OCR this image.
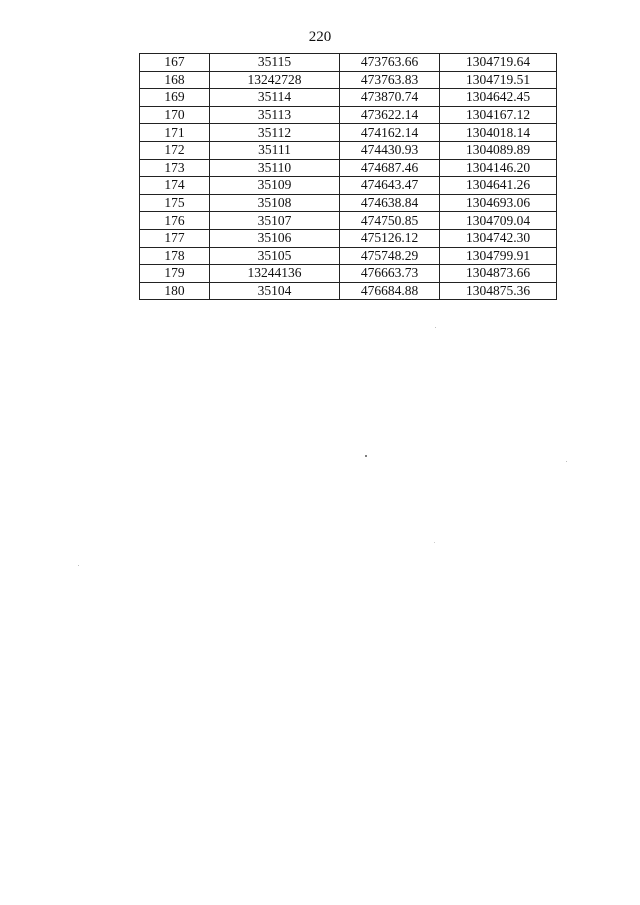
220
167	35115	473763.66	1304719.64
168	13242728	473763.83	1304719.51
169	35114	473870.74	1304642.45
170	35113	473622.14	1304167.12
171	35112	474162.14	1304018.14
172	35111	474430.93	1304089.89
173	35110	474687.46	1304146.20
174	35109	474643.47	1304641.26
175	35108	474638.84	1304693.06
176	35107	474750.85	1304709.04
177	35106	475126.12	1304742.30
178	35105	475748.29	1304799.91
179	13244136	476663.73	1304873.66
180	35104	476684.88	1304875.36
